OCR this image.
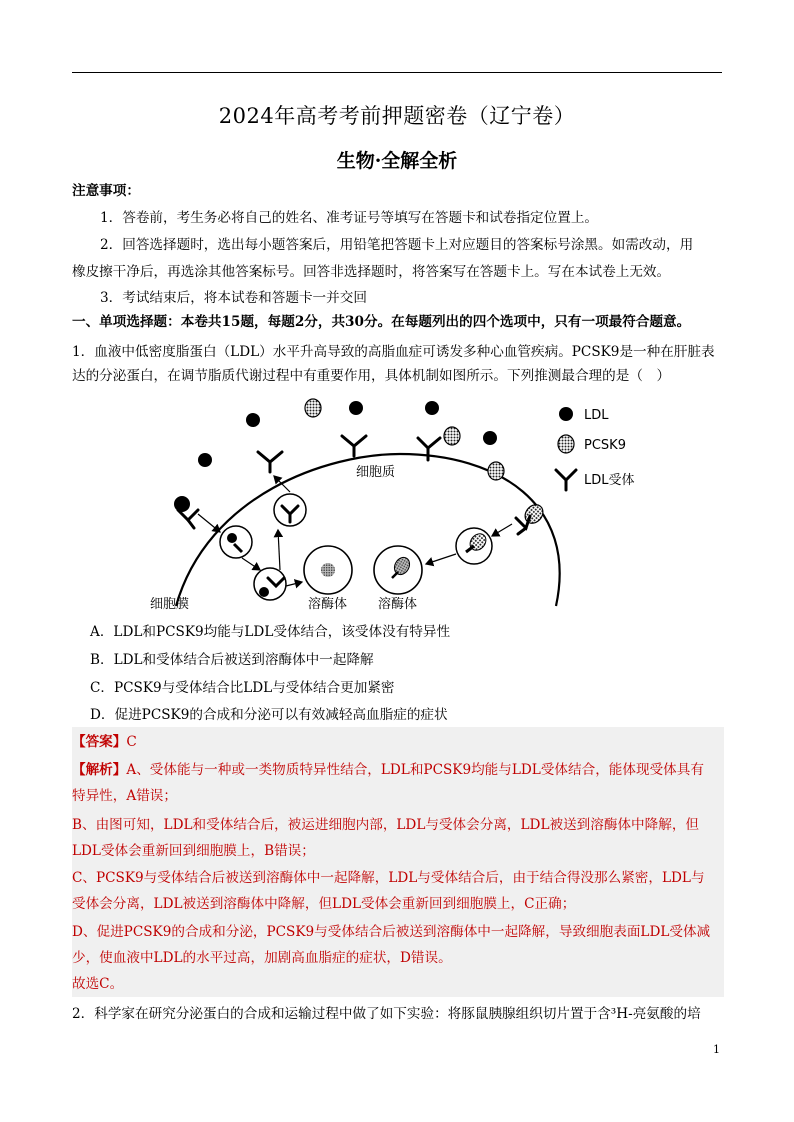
2024年高考考前押题密卷（辽宁卷）
生物·全解全析
注意事项：
1．答卷前，考生务必将自己的姓名、准考证号等填写在答题卡和试卷指定位置上。
2．回答选择题时，选出每小题答案后，用铅笔把答题卡上对应题目的答案标号涂黑。如需改动，用
橡皮擦干净后，再选涂其他答案标号。回答非选择题时，将答案写在答题卡上。写在本试卷上无效。
3．考试结束后，将本试卷和答题卡一并交回
一、单项选择题：本卷共15题，每题2分，共30分。在每题列出的四个选项中，只有一项最符合题意。
1．血液中低密度脂蛋白（LDL）水平升高导致的高脂血症可诱发多种心血管疾病。PCSK9是一种在肝脏表
达的分泌蛋白，在调节脂质代谢过程中有重要作用，具体机制如图所示。下列推测最合理的是（　）
LDL
PCSK9
LDL受体
细胞质
细胞膜	溶酶体 溶酶体
A．LDL和PCSK9均能与LDL受体结合，该受体没有特异性
B．LDL和受体结合后被送到溶酶体中一起降解
C．PCSK9与受体结合比LDL与受体结合更加紧密
D．促进PCSK9的合成和分泌可以有效减轻高血脂症的症状
【答案】C
【解析】A、受体能与一种或一类物质特异性结合，LDL和PCSK9均能与LDL受体结合，能体现受体具有
特异性，A错误；
B、由图可知，LDL和受体结合后，被运进细胞内部，LDL与受体会分离，LDL被送到溶酶体中降解，但
LDL受体会重新回到细胞膜上，B错误；
C、PCSK9与受体结合后被送到溶酶体中一起降解，LDL与受体结合后，由于结合得没那么紧密，LDL与
受体会分离，LDL被送到溶酶体中降解，但LDL受体会重新回到细胞膜上，C正确；
D、促进PCSK9的合成和分泌，PCSK9与受体结合后被送到溶酶体中一起降解，导致细胞表面LDL受体减
少，使血液中LDL的水平过高，加剧高血脂症的症状，D错误。
故选C。
2．科学家在研究分泌蛋白的合成和运输过程中做了如下实验：将豚鼠胰腺组织切片置于含³H-亮氨酸的培
1
